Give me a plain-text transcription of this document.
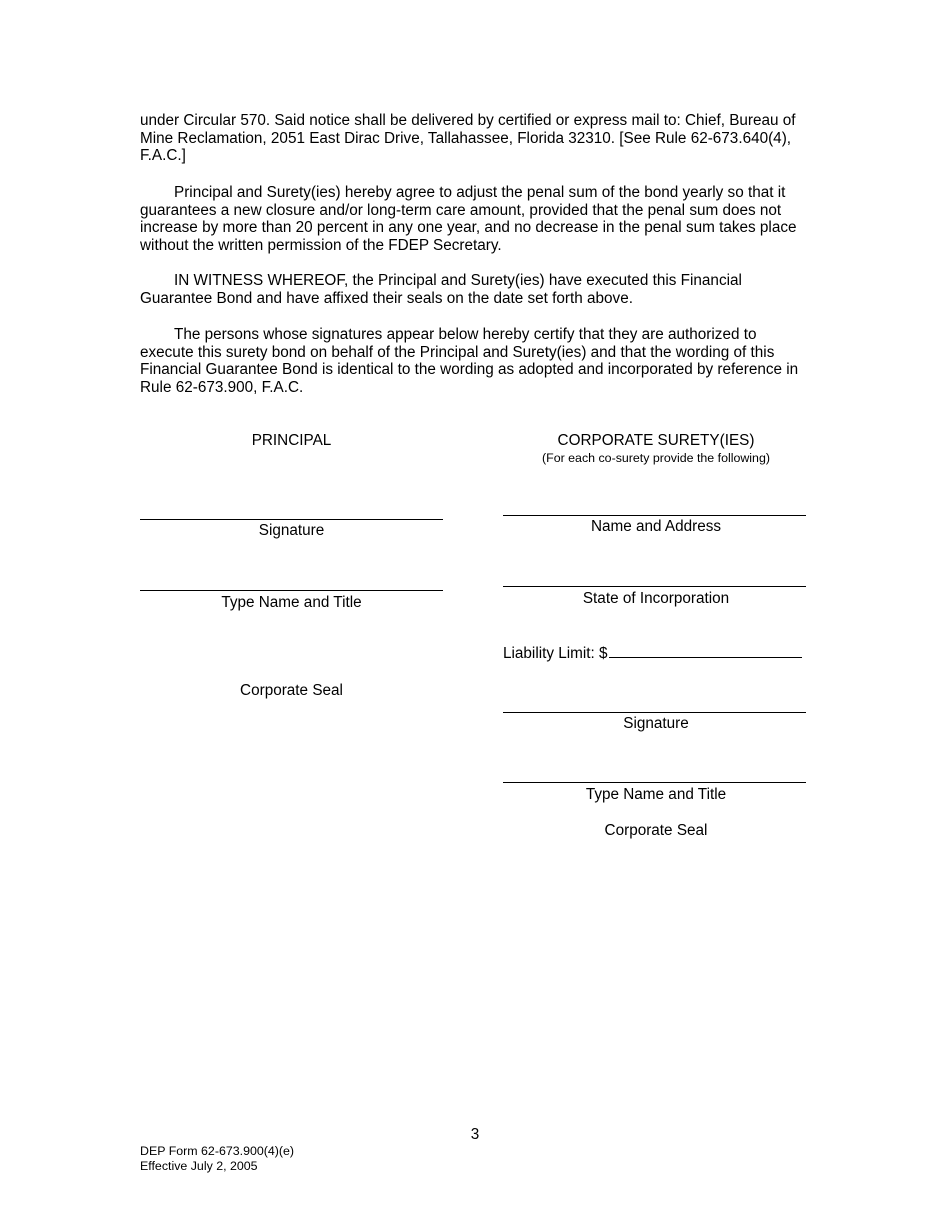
under Circular 570. Said notice shall be delivered by certified or express mail to: Chief, Bureau of Mine Reclamation, 2051 East Dirac Drive, Tallahassee, Florida 32310. [See Rule 62-673.640(4), F.A.C.]

Principal and Surety(ies) hereby agree to adjust the penal sum of the bond yearly so that it guarantees a new closure and/or long-term care amount, provided that the penal sum does not increase by more than 20 percent in any one year, and no decrease in the penal sum takes place without the written permission of the FDEP Secretary.

IN WITNESS WHEREOF, the Principal and Surety(ies) have executed this Financial Guarantee Bond and have affixed their seals on the date set forth above.

The persons whose signatures appear below hereby certify that they are authorized to execute this surety bond on behalf of the Principal and Surety(ies) and that the wording of this Financial Guarantee Bond is identical to the wording as adopted and incorporated by reference in Rule 62-673.900, F.A.C.

PRINCIPAL
Signature
Type Name and Title
Corporate Seal
CORPORATE SURETY(IES)
(For each co-surety provide the following)
Name and Address
State of Incorporation
Liability Limit: $
Signature
Type Name and Title
Corporate Seal
3
DEP Form 62-673.900(4)(e)
Effective July 2, 2005
